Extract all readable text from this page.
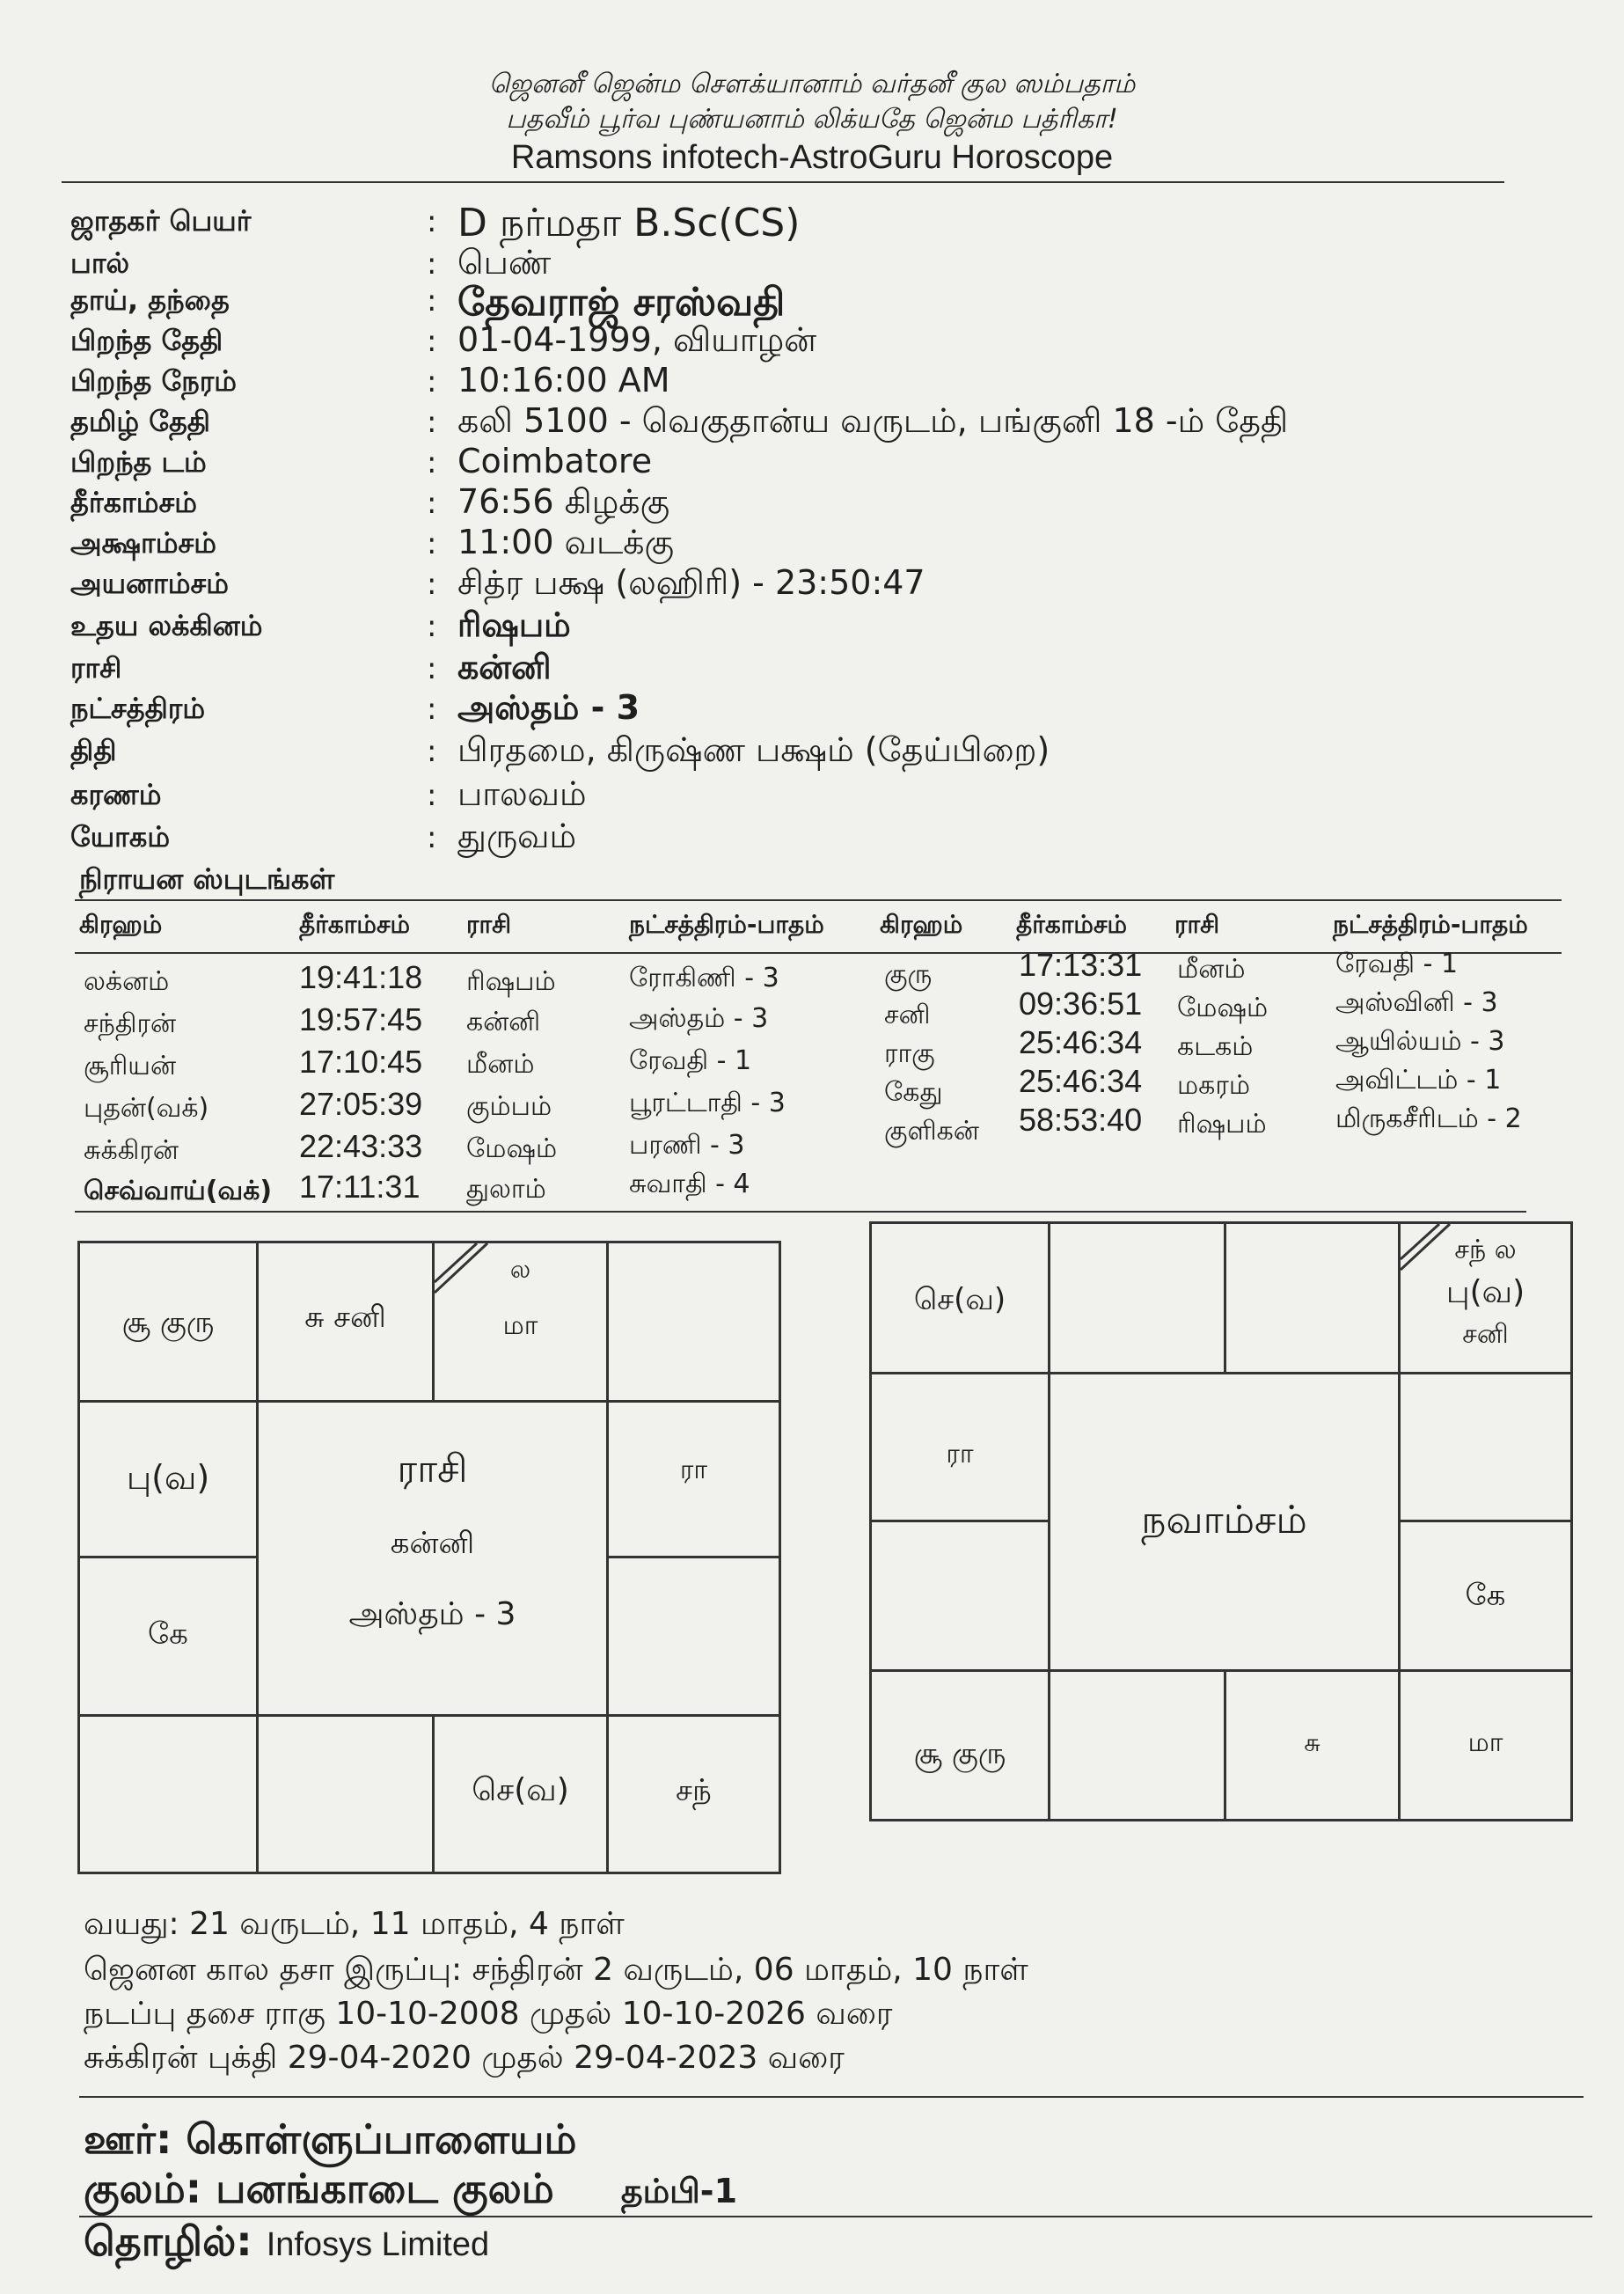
ஜெனனீ ஜென்ம சௌக்யானாம் வர்தனீ குல ஸம்பதாம்
பதவீம் பூர்வ புண்யனாம் லிக்யதே ஜென்ம பத்ரிகா!
Ramsons infotech-AstroGuru Horoscope
ஜாதகர் பெயர்	: D நர்மதா B.Sc(CS)
பால்	: பெண்
தாய், தந்தை	: தேவராஜ் சரஸ்வதி
பிறந்த தேதி	: 01-04-1999, வியாழன்
பிறந்த நேரம்	: 10:16:00 AM
தமிழ் தேதி	: கலி 5100 - வெகுதான்ய வருடம், பங்குனி 18 -ம் தேதி
பிறந்த டம்	: Coimbatore
தீர்காம்சம்	: 76:56 கிழக்கு
அக்ஷாம்சம்	: 11:00 வடக்கு
அயனாம்சம்	: சித்ர பக்ஷ (லஹிரி) - 23:50:47
உதய லக்கினம்	: ரிஷபம்
ராசி	: கன்னி
நட்சத்திரம்	: அஸ்தம் - 3
திதி	: பிரதமை, கிருஷ்ண பக்ஷம் (தேய்பிறை)
கரணம்	: பாலவம்
யோகம்	: துருவம்
நிராயன ஸ்புடங்கள்
கிரஹம்	தீர்காம்சம் ராசி	நட்சத்திரம்-பாதம் கிரஹம் தீர்காம்சம் ராசி	நட்சத்திரம்-பாதம்
லக்னம்	19:41:18 ரிஷபம்	ரோகிணி - 3
சந்திரன்	19:57:45 கன்னி	அஸ்தம் - 3
சூரியன்	17:10:45 மீனம்	ரேவதி - 1
புதன்(வக்)	27:05:39 கும்பம்	பூரட்டாதி - 3
சுக்கிரன்	22:43:33 மேஷம்	பரணி - 3
செவ்வாய்(வக்) 17:11:31 துலாம்	சுவாதி - 4
குரு	17:13:31 மீனம்	ரேவதி - 1
சனி	09:36:51 மேஷம்	அஸ்வினி - 3
ராகு	25:46:34 கடகம்	ஆயில்யம் - 3
கேது 25:46:34 மகரம்	அவிட்டம் - 1
குளிகன் 58:53:40 ரிஷபம்	மிருகசீரிடம் - 2
சூ குரு	சு சனி
ல
மா
பு(வ)	ரா
கே
செ(வ)	சந்
ராசி
கன்னி
அஸ்தம் - 3
செ(வ)
சந் ல
பு(வ)
சனி
ரா
கே
சூ குரு	சு	மா
நவாம்சம்
வயது: 21 வருடம், 11 மாதம், 4 நாள்
ஜெனன கால தசா இருப்பு: சந்திரன் 2 வருடம், 06 மாதம், 10 நாள்
நடப்பு தசை ராகு 10-10-2008 முதல் 10-10-2026 வரை
சுக்கிரன் புக்தி 29-04-2020 முதல் 29-04-2023 வரை
ஊர்: கொள்ளுப்பாளையம்
குலம்: பனங்காடை குலம் தம்பி-1
தொழில்: Infosys Limited
